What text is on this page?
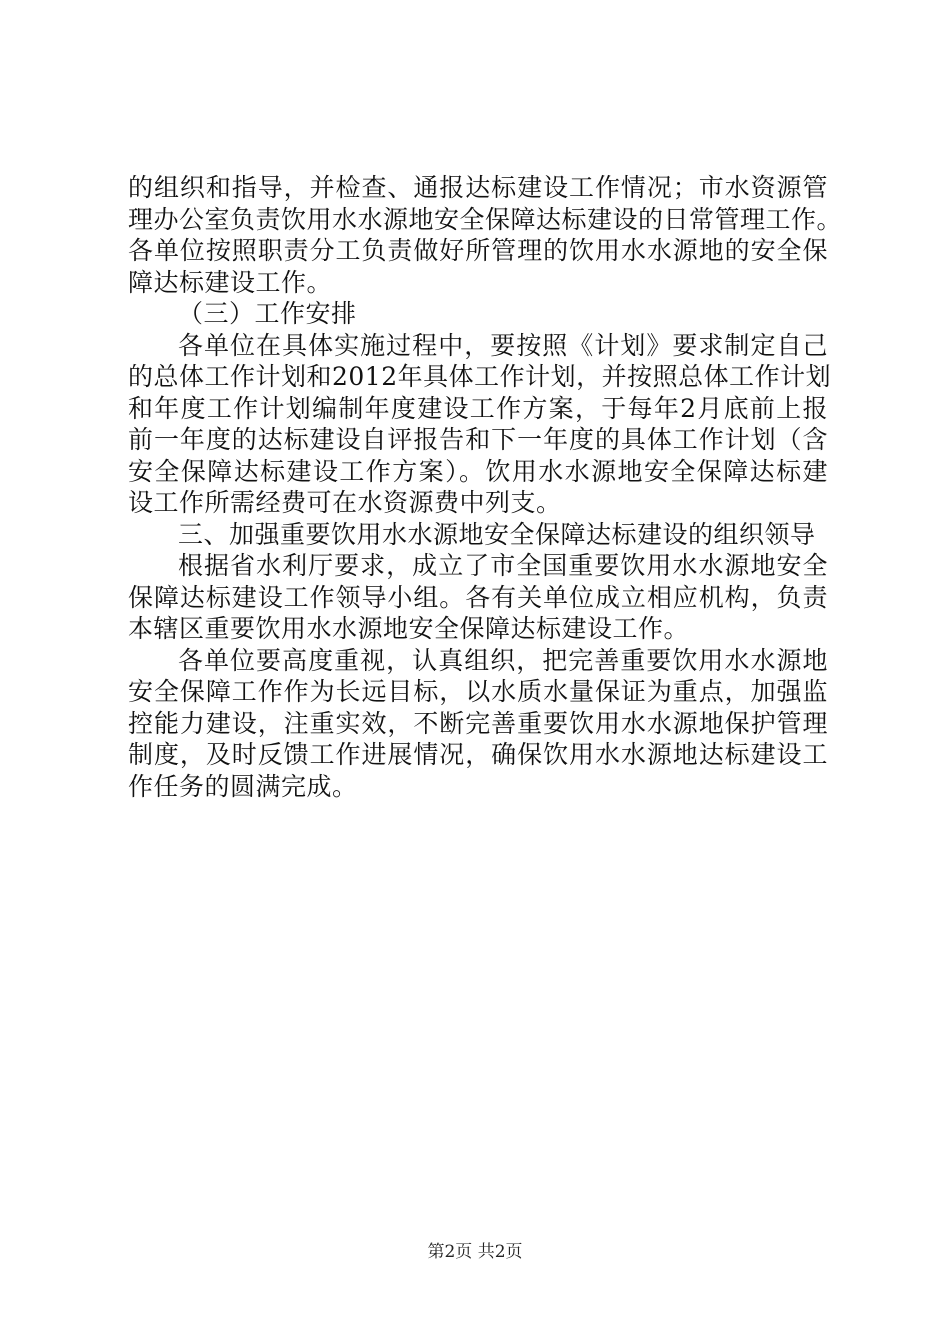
的组织和指导，并检查、通报达标建设工作情况；市水资源管
理办公室负责饮用水水源地安全保障达标建设的日常管理工作。
各单位按照职责分工负责做好所管理的饮用水水源地的安全保
障达标建设工作。
（三）工作安排
各单位在具体实施过程中，要按照《计划》要求制定自己
的总体工作计划和2012年具体工作计划，并按照总体工作计划
和年度工作计划编制年度建设工作方案，于每年2月底前上报
前一年度的达标建设自评报告和下一年度的具体工作计划（含
安全保障达标建设工作方案）。饮用水水源地安全保障达标建
设工作所需经费可在水资源费中列支。
三、加强重要饮用水水源地安全保障达标建设的组织领导
根据省水利厅要求，成立了市全国重要饮用水水源地安全
保障达标建设工作领导小组。各有关单位成立相应机构，负责
本辖区重要饮用水水源地安全保障达标建设工作。
各单位要高度重视，认真组织，把完善重要饮用水水源地
安全保障工作作为长远目标，以水质水量保证为重点，加强监
控能力建设，注重实效，不断完善重要饮用水水源地保护管理
制度，及时反馈工作进展情况，确保饮用水水源地达标建设工
作任务的圆满完成。
第2页 共2页
